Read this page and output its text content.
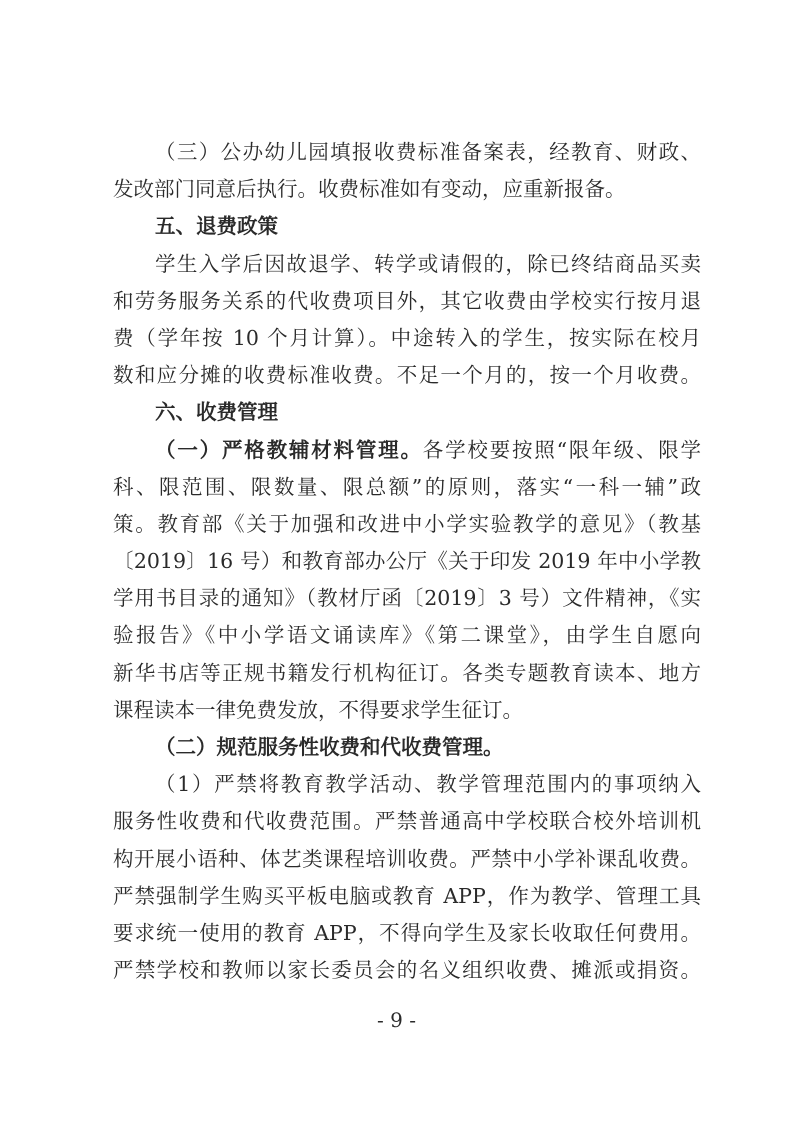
（三）公办幼儿园填报收费标准备案表，经教育、财政、
发改部门同意后执行。收费标准如有变动，应重新报备。
五、退费政策
学生入学后因故退学、转学或请假的，除已终结商品买卖
和劳务服务关系的代收费项目外，其它收费由学校实行按月退
费（学年按 10 个月计算）。中途转入的学生，按实际在校月
数和应分摊的收费标准收费。不足一个月的，按一个月收费。
六、收费管理
（一）严格教辅材料管理。各学校要按照“限年级、限学
科、限范围、限数量、限总额”的原则，落实“一科一辅”政
策。教育部《关于加强和改进中小学实验教学的意见》（教基
〔2019〕16 号）和教育部办公厅《关于印发 2019 年中小学教
学用书目录的通知》（教材厅函〔2019〕3 号）文件精神，《实
验报告》《中小学语文诵读库》《第二课堂》，由学生自愿向
新华书店等正规书籍发行机构征订。各类专题教育读本、地方
课程读本一律免费发放，不得要求学生征订。
（二）规范服务性收费和代收费管理。
（1）严禁将教育教学活动、教学管理范围内的事项纳入
服务性收费和代收费范围。严禁普通高中学校联合校外培训机
构开展小语种、体艺类课程培训收费。严禁中小学补课乱收费。
严禁强制学生购买平板电脑或教育 APP，作为教学、管理工具
要求统一使用的教育 APP，不得向学生及家长收取任何费用。
严禁学校和教师以家长委员会的名义组织收费、摊派或捐资。
- 9 -
